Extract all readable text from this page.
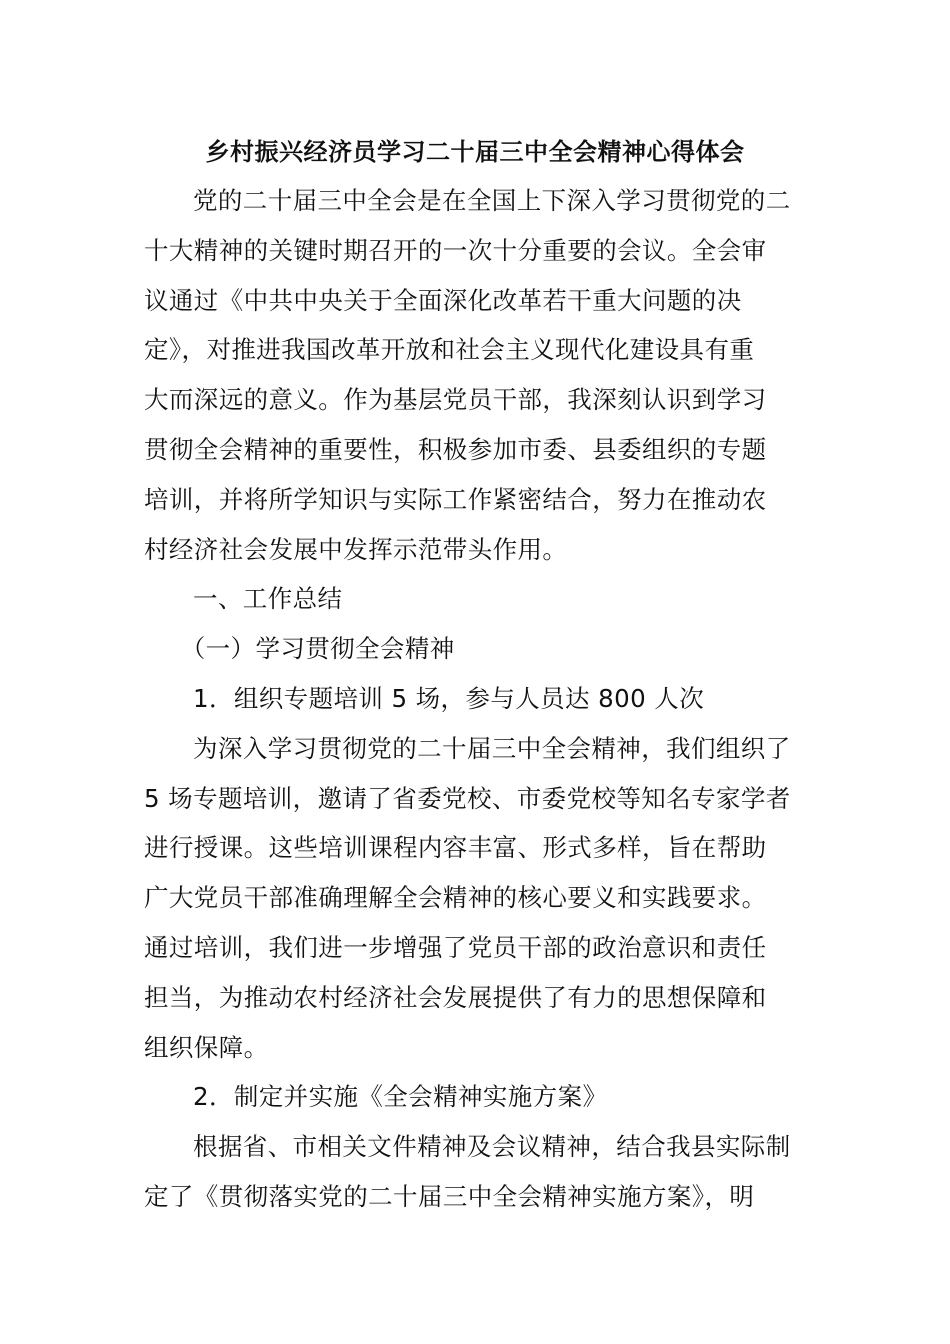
乡村振兴经济员学习二十届三中全会精神心得体会
党的二十届三中全会是在全国上下深入学习贯彻党的二
十大精神的关键时期召开的一次十分重要的会议。全会审
议通过《中共中央关于全面深化改革若干重大问题的决
定》，对推进我国改革开放和社会主义现代化建设具有重
大而深远的意义。作为基层党员干部，我深刻认识到学习
贯彻全会精神的重要性，积极参加市委、县委组织的专题
培训，并将所学知识与实际工作紧密结合，努力在推动农
村经济社会发展中发挥示范带头作用。
一、工作总结
（一）学习贯彻全会精神
1．组织专题培训 5 场，参与人员达 800 人次
为深入学习贯彻党的二十届三中全会精神，我们组织了
5 场专题培训，邀请了省委党校、市委党校等知名专家学者
进行授课。这些培训课程内容丰富、形式多样，旨在帮助
广大党员干部准确理解全会精神的核心要义和实践要求。
通过培训，我们进一步增强了党员干部的政治意识和责任
担当，为推动农村经济社会发展提供了有力的思想保障和
组织保障。
2．制定并实施《全会精神实施方案》
根据省、市相关文件精神及会议精神，结合我县实际制
定了《贯彻落实党的二十届三中全会精神实施方案》，明
